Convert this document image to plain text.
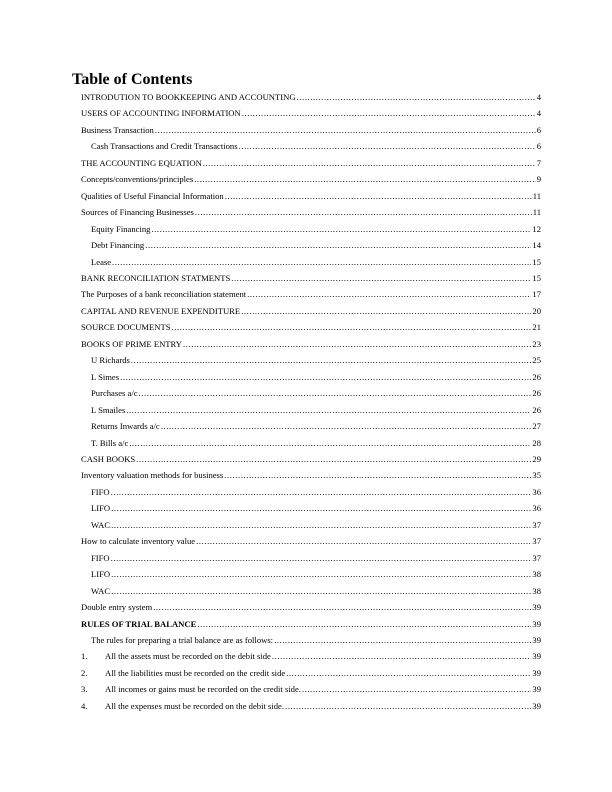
Table of Contents
INTRODUTION TO BOOKKEEPING AND ACCOUNTING .....	4
USERS OF ACCOUNTING INFORMATION .....	4
Business Transaction .....	6
Cash Transactions and Credit Transactions .....	6
THE ACCOUNTING EQUATION .....	7
Concepts/conventions/principles .....	9
Qualities of Useful Financial Information .....	11
Sources of Financing Businesses .....	11
Equity Financing .....	12
Debt Financing .....	14
Lease .....	15
BANK RECONCILIATION STATMENTS .....	15
The Purposes of a bank reconciliation statement .....	17
CAPITAL AND REVENUE EXPENDITURE .....	20
SOURCE DOCUMENTS .....	21
BOOKS OF PRIME ENTRY .....	23
U Richards .....	25
L Simes .....	26
Purchases a/c .....	26
L Smailes .....	26
Returns Inwards a/c .....	27
T. Bills a/c .....	28
CASH BOOKS .....	29
Inventory valuation methods for business .....	35
FIFO .....	36
LIFO .....	36
WAC .....	37
How to calculate inventory value .....	37
FIFO .....	37
LIFO .....	38
WAC .....	38
Double entry system .....	39
RULES OF TRIAL BALANCE .....	39
The rules for preparing a trial balance are as follows: .....	39
1.	All the assets must be recorded on the debit side .....	39
2.	All the liabilities must be recorded on the credit side .....	39
3.	All incomes or gains must be recorded on the credit side. .....	39
4.	All the expenses must be recorded on the debit side. .....	39
